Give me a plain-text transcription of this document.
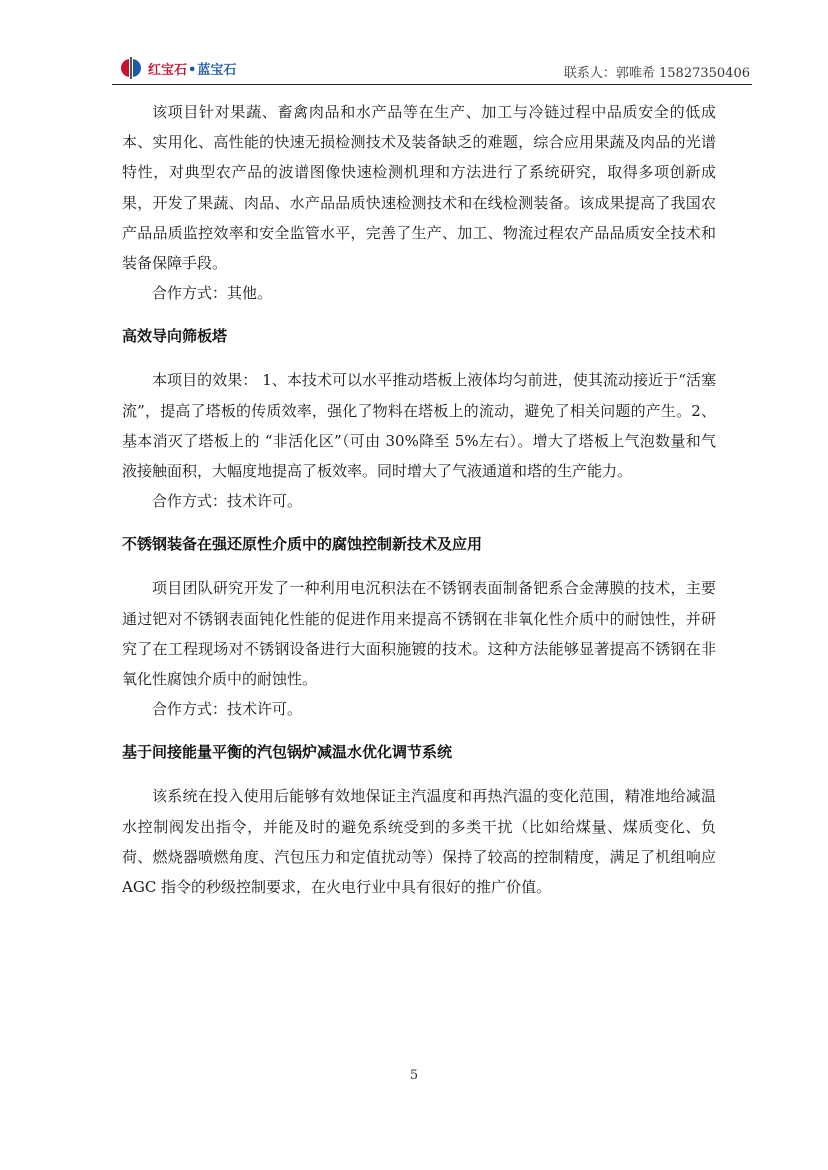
红宝石•蓝宝石	联系人：郭唯希 15827350406

该项目针对果蔬、畜禽肉品和水产品等在生产、加工与冷链过程中品质安全的低成本、实用化、高性能的快速无损检测技术及装备缺乏的难题，综合应用果蔬及肉品的光谱特性，对典型农产品的波谱图像快速检测机理和方法进行了系统研究，取得多项创新成果，开发了果蔬、肉品、水产品品质快速检测技术和在线检测装备。该成果提高了我国农产品品质监控效率和安全监管水平，完善了生产、加工、物流过程农产品品质安全技术和装备保障手段。

合作方式：其他。

高效导向筛板塔

本项目的效果： 1、本技术可以水平推动塔板上液体均匀前进，使其流动接近于“活塞流”，提高了塔板的传质效率，强化了物料在塔板上的流动，避免了相关问题的产生。2、基本消灭了塔板上的 “非活化区”（可由 30%降至 5%左右）。增大了塔板上气泡数量和气液接触面积，大幅度地提高了板效率。同时增大了气液通道和塔的生产能力。

合作方式：技术许可。

不锈钢装备在强还原性介质中的腐蚀控制新技术及应用

项目团队研究开发了一种利用电沉积法在不锈钢表面制备钯系合金薄膜的技术，主要通过钯对不锈钢表面钝化性能的促进作用来提高不锈钢在非氧化性介质中的耐蚀性，并研究了在工程现场对不锈钢设备进行大面积施镀的技术。这种方法能够显著提高不锈钢在非氧化性腐蚀介质中的耐蚀性。

合作方式：技术许可。

基于间接能量平衡的汽包锅炉减温水优化调节系统

该系统在投入使用后能够有效地保证主汽温度和再热汽温的变化范围，精准地给减温水控制阀发出指令，并能及时的避免系统受到的多类干扰（比如给煤量、煤质变化、负荷、燃烧器喷燃角度、汽包压力和定值扰动等）保持了较高的控制精度，满足了机组响应 AGC 指令的秒级控制要求，在火电行业中具有很好的推广价值。

5
